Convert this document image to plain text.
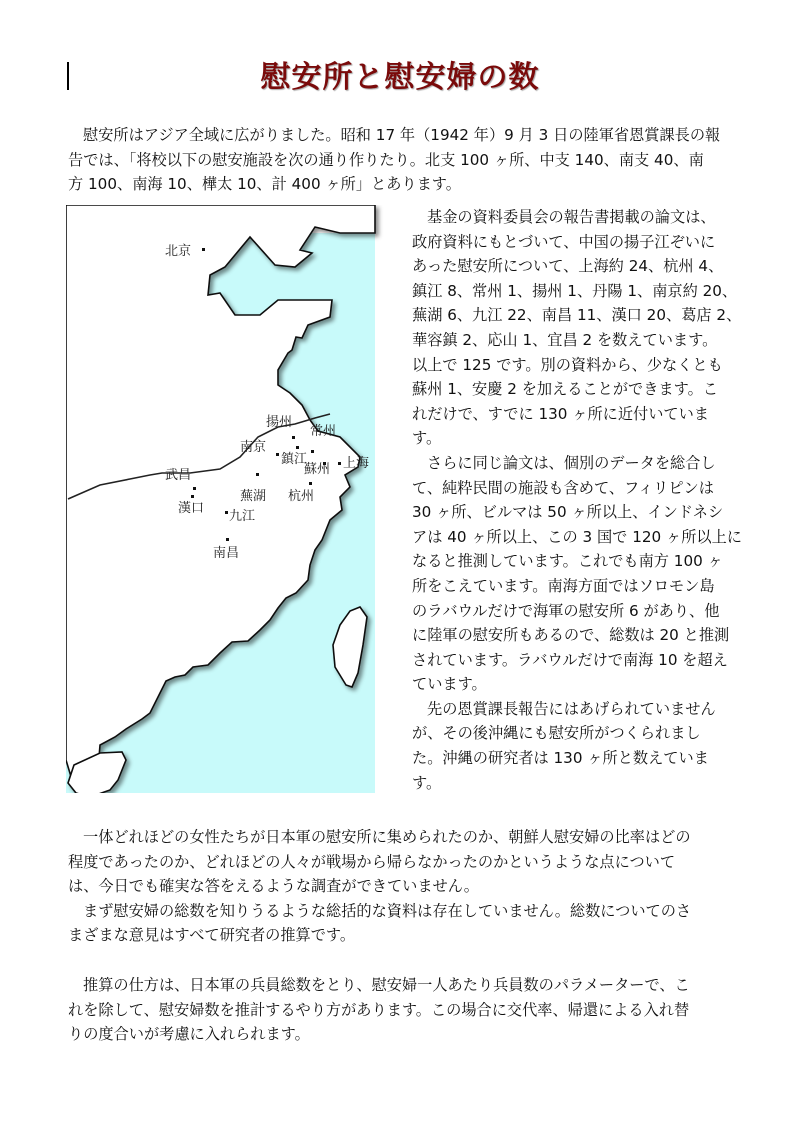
慰安所と慰安婦の数
慰安所はアジア全域に広がりました。昭和 17 年（1942 年）9 月 3 日の陸軍省恩賞課長の報
告では、「将校以下の慰安施設を次の通り作りたり。北支 100 ヶ所、中支 140、南支 40、南
方 100、南海 10、樺太 10、計 400 ヶ所」とあります。
北京
揚州
常州
南京
鎮江	上海
蘇州
武昌
漢口
蕪湖 杭州
九江
南昌
基金の資料委員会の報告書掲載の論文は、
政府資料にもとづいて、中国の揚子江ぞいに
あった慰安所について、上海約 24、杭州 4、
鎮江 8、常州 1、揚州 1、丹陽 1、南京約 20、
蕪湖 6、九江 22、南昌 11、漢口 20、葛店 2、
華容鎮 2、応山 1、宜昌 2 を数えています。
以上で 125 です。別の資料から、少なくとも
蘇州 1、安慶 2 を加えることができます。こ
れだけで、すでに 130 ヶ所に近付いていま
す。
さらに同じ論文は、個別のデータを総合し
て、純粋民間の施設も含めて、フィリピンは
30 ヶ所、ビルマは 50 ヶ所以上、インドネシ
アは 40 ヶ所以上、この 3 国で 120 ヶ所以上に
なると推測しています。これでも南方 100 ヶ
所をこえています。南海方面ではソロモン島
のラバウルだけで海軍の慰安所 6 があり、他
に陸軍の慰安所もあるので、総数は 20 と推測
されています。ラバウルだけで南海 10 を超え
ています。
先の恩賞課長報告にはあげられていません
が、その後沖縄にも慰安所がつくられまし
た。沖縄の研究者は 130 ヶ所と数えていま
す。
一体どれほどの女性たちが日本軍の慰安所に集められたのか、朝鮮人慰安婦の比率はどの
程度であったのか、どれほどの人々が戦場から帰らなかったのかというような点について
は、今日でも確実な答をえるような調査ができていません。
まず慰安婦の総数を知りうるような総括的な資料は存在していません。総数についてのさ
まざまな意見はすべて研究者の推算です。
推算の仕方は、日本軍の兵員総数をとり、慰安婦一人あたり兵員数のパラメーターで、こ
れを除して、慰安婦数を推計するやり方があります。この場合に交代率、帰還による入れ替
りの度合いが考慮に入れられます。
